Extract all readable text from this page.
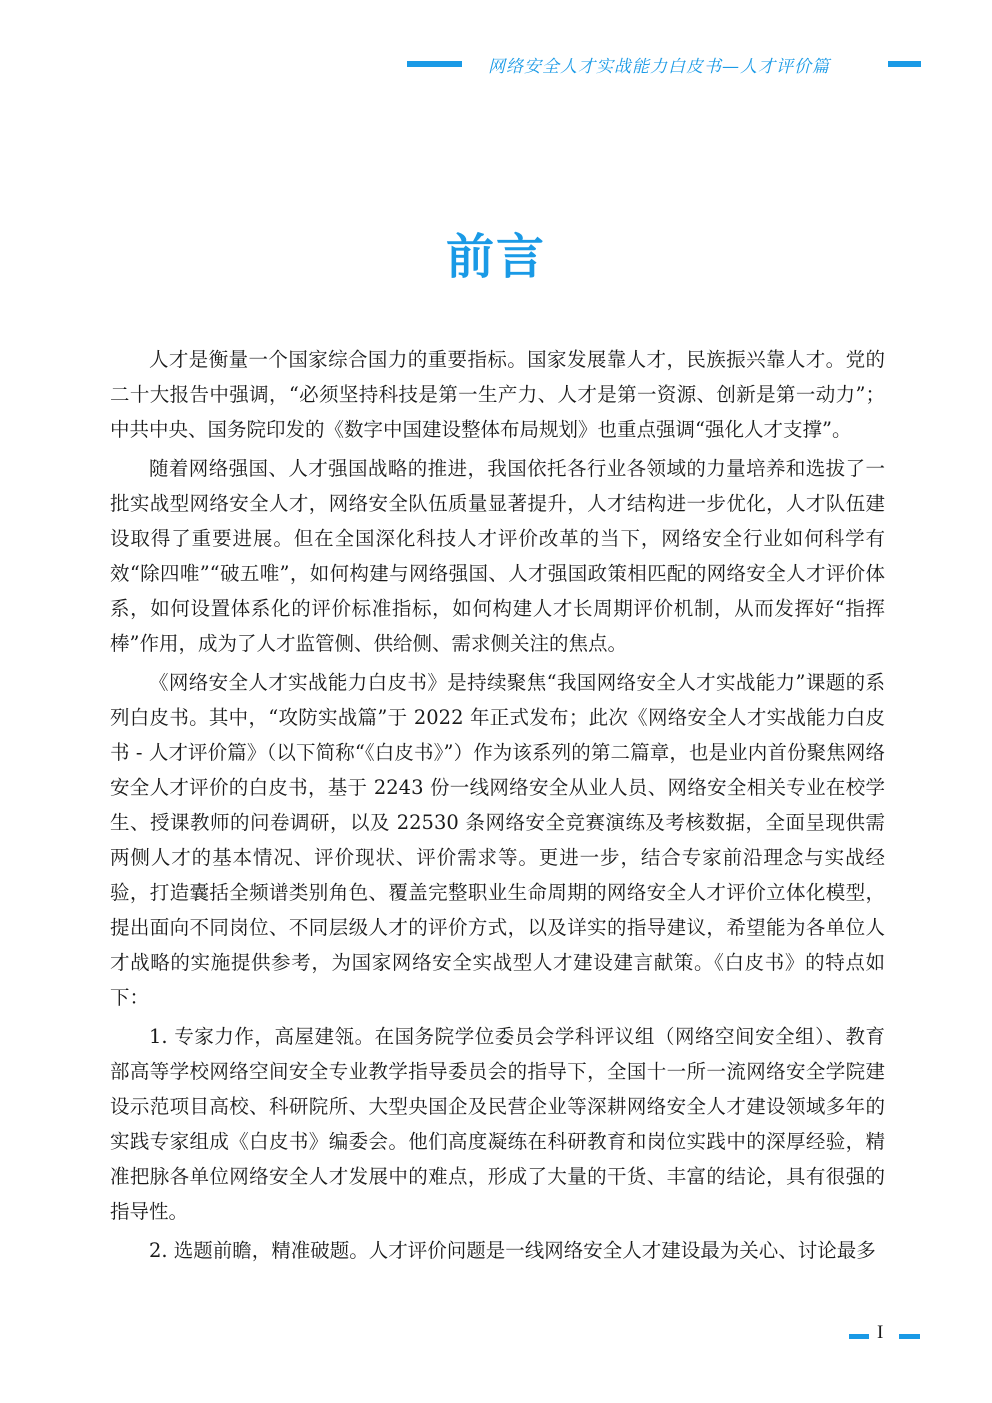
网络安全人才实战能力白皮书—人才评价篇
前言

人才是衡量一个国家综合国力的重要指标。国家发展靠人才，民族振兴靠人才。党的二十大报告中强调，“必须坚持科技是第一生产力、人才是第一资源、创新是第一动力”；中共中央、国务院印发的《数字中国建设整体布局规划》也重点强调“强化人才支撑”。

随着网络强国、人才强国战略的推进，我国依托各行业各领域的力量培养和选拔了一批实战型网络安全人才，网络安全队伍质量显著提升，人才结构进一步优化，人才队伍建设取得了重要进展。但在全国深化科技人才评价改革的当下，网络安全行业如何科学有效“除四唯”“破五唯”，如何构建与网络强国、人才强国政策相匹配的网络安全人才评价体系，如何设置体系化的评价标准指标，如何构建人才长周期评价机制，从而发挥好“指挥棒”作用，成为了人才监管侧、供给侧、需求侧关注的焦点。

《网络安全人才实战能力白皮书》是持续聚焦“我国网络安全人才实战能力”课题的系列白皮书。其中，“攻防实战篇”于 2022 年正式发布；此次《网络安全人才实战能力白皮书 - 人才评价篇》（以下简称“《白皮书》”）作为该系列的第二篇章，也是业内首份聚焦网络安全人才评价的白皮书，基于 2243 份一线网络安全从业人员、网络安全相关专业在校学生、授课教师的问卷调研，以及 22530 条网络安全竞赛演练及考核数据，全面呈现供需两侧人才的基本情况、评价现状、评价需求等。更进一步，结合专家前沿理念与实战经验，打造囊括全频谱类别角色、覆盖完整职业生命周期的网络安全人才评价立体化模型，提出面向不同岗位、不同层级人才的评价方式，以及详实的指导建议，希望能为各单位人才战略的实施提供参考，为国家网络安全实战型人才建设建言献策。《白皮书》的特点如下：

1. 专家力作，高屋建瓴。在国务院学位委员会学科评议组（网络空间安全组）、教育部高等学校网络空间安全专业教学指导委员会的指导下，全国十一所一流网络安全学院建设示范项目高校、科研院所、大型央国企及民营企业等深耕网络安全人才建设领域多年的实践专家组成《白皮书》编委会。他们高度凝练在科研教育和岗位实践中的深厚经验，精准把脉各单位网络安全人才发展中的难点，形成了大量的干货、丰富的结论，具有很强的指导性。

2. 选题前瞻，精准破题。人才评价问题是一线网络安全人才建设最为关心、讨论最多

I
